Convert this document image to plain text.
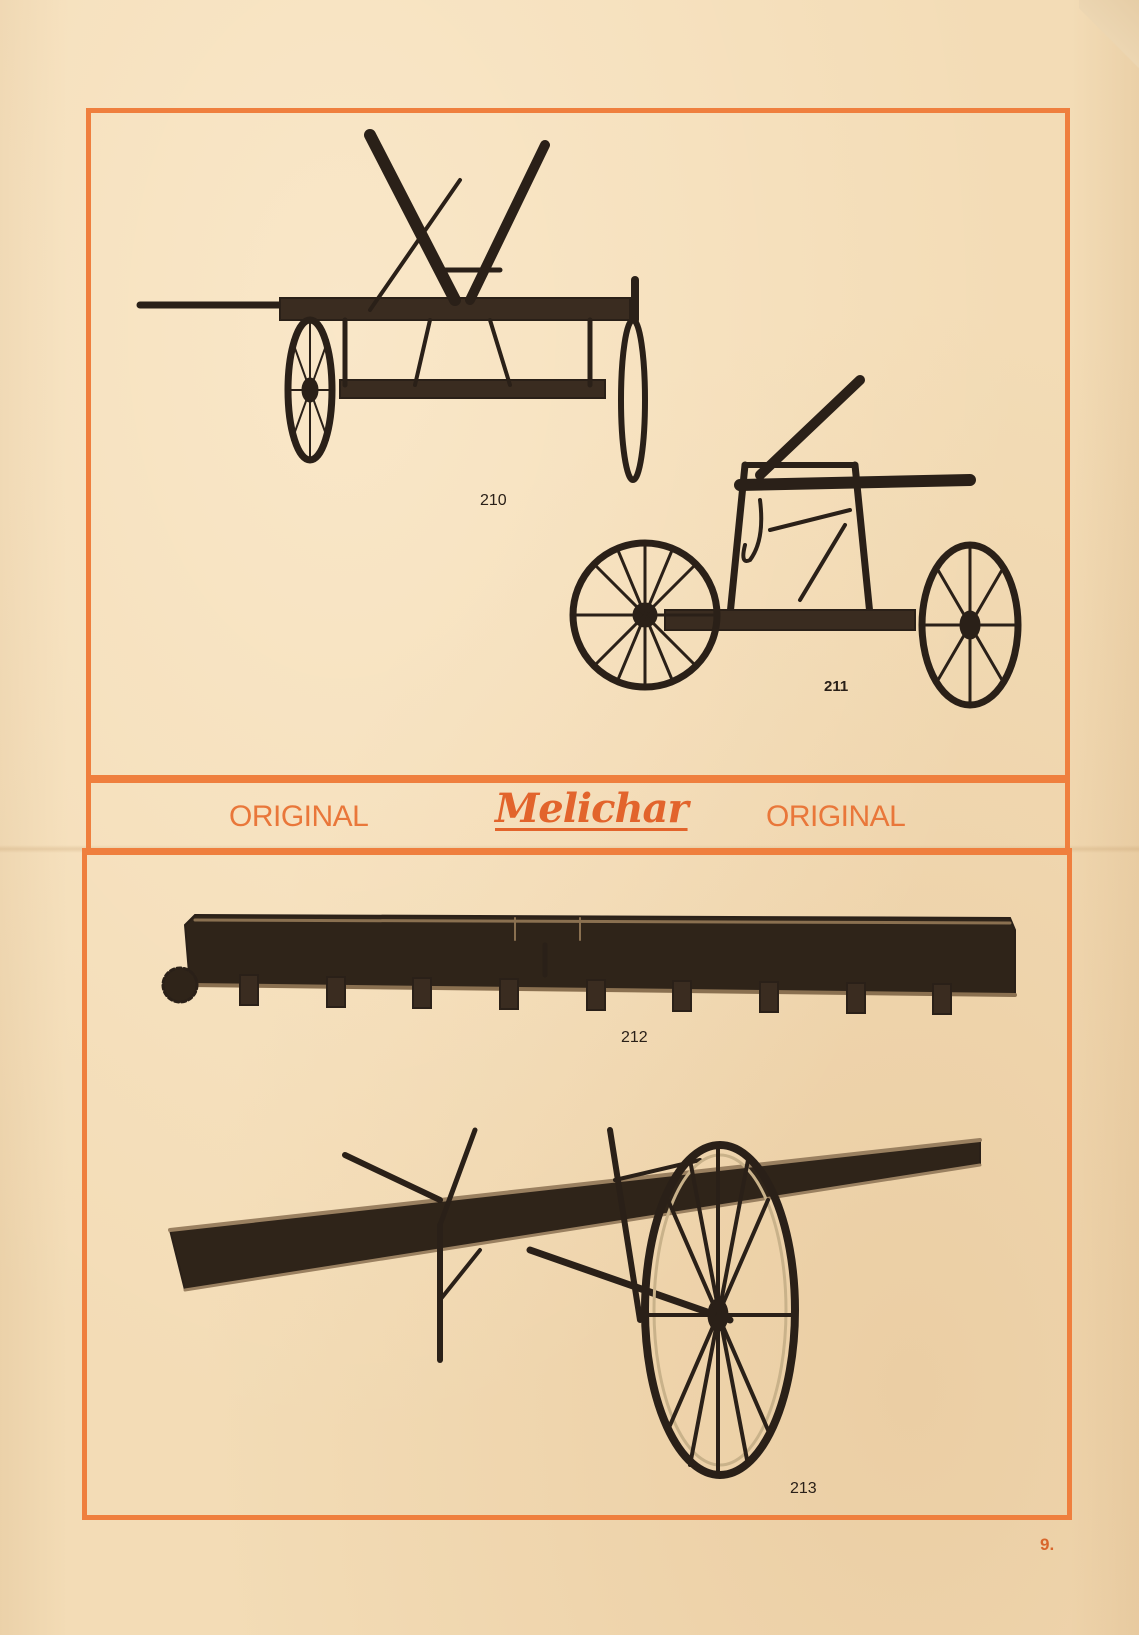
ORIGINAL	Melichar	ORIGINAL
210
211
212
213
9.
